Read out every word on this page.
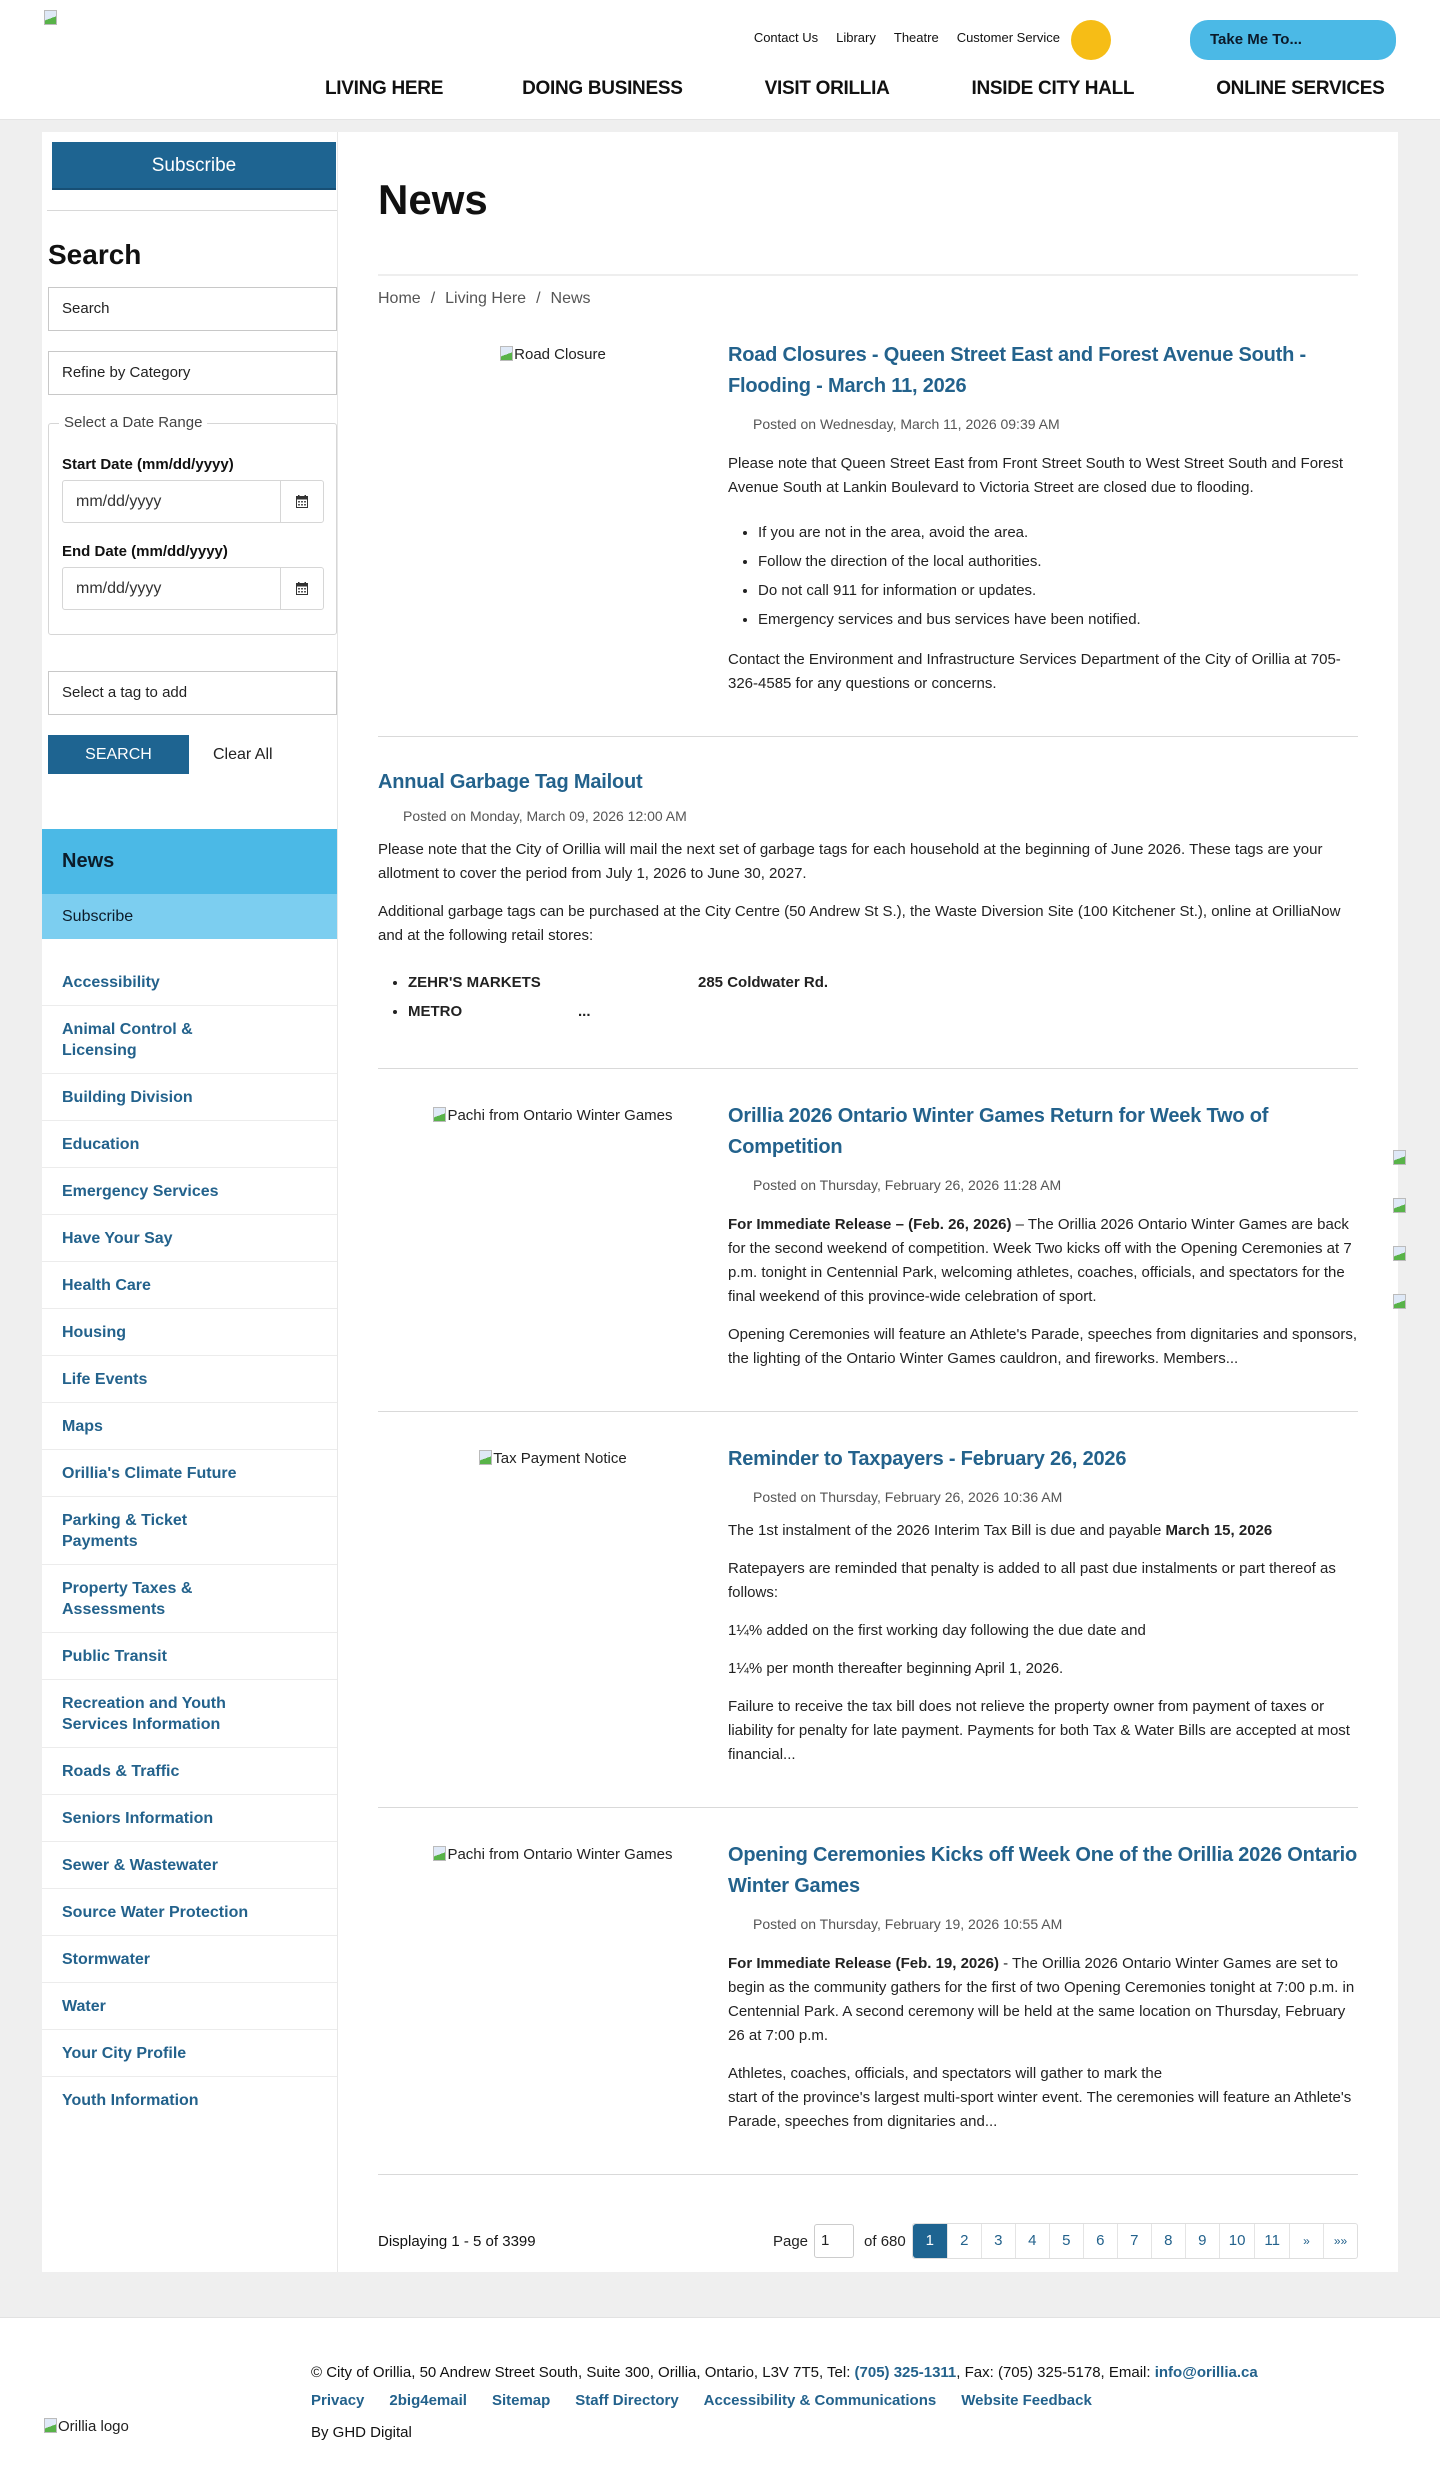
Contact Us Library Theatre Customer Service	Take Me To...
LIVING HERE	DOING BUSINESS	VISIT ORILLIA	INSIDE CITY HALL	ONLINE SERVICES
Subscribe
Search
Search
Refine by Category
Select a Date Range
Start Date (mm/dd/yyyy)
mm/dd/yyyy
End Date (mm/dd/yyyy)
mm/dd/yyyy
Select a tag to add
SEARCH	Clear All
News
Subscribe
Accessibility
Animal Control & Licensing
Building Division
Education
Emergency Services
Have Your Say
Health Care
Housing
Life Events
Maps
Orillia's Climate Future
Parking & Ticket Payments
Property Taxes & Assessments
Public Transit
Recreation and Youth Services Information
Roads & Traffic
Seniors Information
Sewer & Wastewater
Source Water Protection
Stormwater
Water
Your City Profile
Youth Information
News
Home / Living Here / News
Road Closure	Road Closures - Queen Street East and Forest Avenue South - Flooding - March 11, 2026
Posted on Wednesday, March 11, 2026 09:39 AM

Please note that Queen Street East from Front Street South to West Street South and Forest Avenue South at Lankin Boulevard to Victoria Street are closed due to flooding.

• If you are not in the area, avoid the area.
• Follow the direction of the local authorities.
• Do not call 911 for information or updates.
• Emergency services and bus services have been notified.

Contact the Environment and Infrastructure Services Department of the City of Orillia at 705-326-4585 for any questions or concerns.

Annual Garbage Tag Mailout
Posted on Monday, March 09, 2026 12:00 AM

Please note that the City of Orillia will mail the next set of garbage tags for each household at the beginning of June 2026. These tags are your allotment to cover the period from July 1, 2026 to June 30, 2027.

Additional garbage tags can be purchased at the City Centre (50 Andrew St S.), the Waste Diversion Site (100 Kitchener St.), online at OrilliaNow and at the following retail stores:

• ZEHR'S MARKETS	285 Coldwater Rd.
• METRO	...
Pachi from Ontario Winter Games	Orillia 2026 Ontario Winter Games Return for Week Two of Competition
Posted on Thursday, February 26, 2026 11:28 AM

For Immediate Release – (Feb. 26, 2026) – The Orillia 2026 Ontario Winter Games are back for the second weekend of competition. Week Two kicks off with the Opening Ceremonies at 7 p.m. tonight in Centennial Park, welcoming athletes, coaches, officials, and spectators for the final weekend of this province-wide celebration of sport.

Opening Ceremonies will feature an Athlete's Parade, speeches from dignitaries and sponsors, the lighting of the Ontario Winter Games cauldron, and fireworks. Members...

Tax Payment Notice	Reminder to Taxpayers - February 26, 2026
Posted on Thursday, February 26, 2026 10:36 AM

The 1st instalment of the 2026 Interim Tax Bill is due and payable March 15, 2026

Ratepayers are reminded that penalty is added to all past due instalments or part thereof as follows:

1¼% added on the first working day following the due date and

1¼% per month thereafter beginning April 1, 2026.

Failure to receive the tax bill does not relieve the property owner from payment of taxes or liability for penalty for late payment. Payments for both Tax & Water Bills are accepted at most financial...

Pachi from Ontario Winter Games	Opening Ceremonies Kicks off Week One of the Orillia 2026 Ontario Winter Games
Posted on Thursday, February 19, 2026 10:55 AM

For Immediate Release (Feb. 19, 2026) - The Orillia 2026 Ontario Winter Games are set to begin as the community gathers for the first of two Opening Ceremonies tonight at 7:00 p.m. in Centennial Park. A second ceremony will be held at the same location on Thursday, February 26 at 7:00 p.m.

Athletes, coaches, officials, and spectators will gather to mark the
start of the province's largest multi-sport winter event. The ceremonies will feature an Athlete's Parade, speeches from dignitaries and...

Displaying 1 - 5 of 3399	Page 1	of 680	1	2	3	4	5	6	7	8	9	10	11	»	»»
Orillia logo
© City of Orillia, 50 Andrew Street South, Suite 300, Orillia, Ontario, L3V 7T5, Tel: (705) 325-1311, Fax: (705) 325-5178, Email: info@orillia.ca
Privacy 2big4email Sitemap Staff Directory Accessibility & Communications Website Feedback
By GHD Digital
